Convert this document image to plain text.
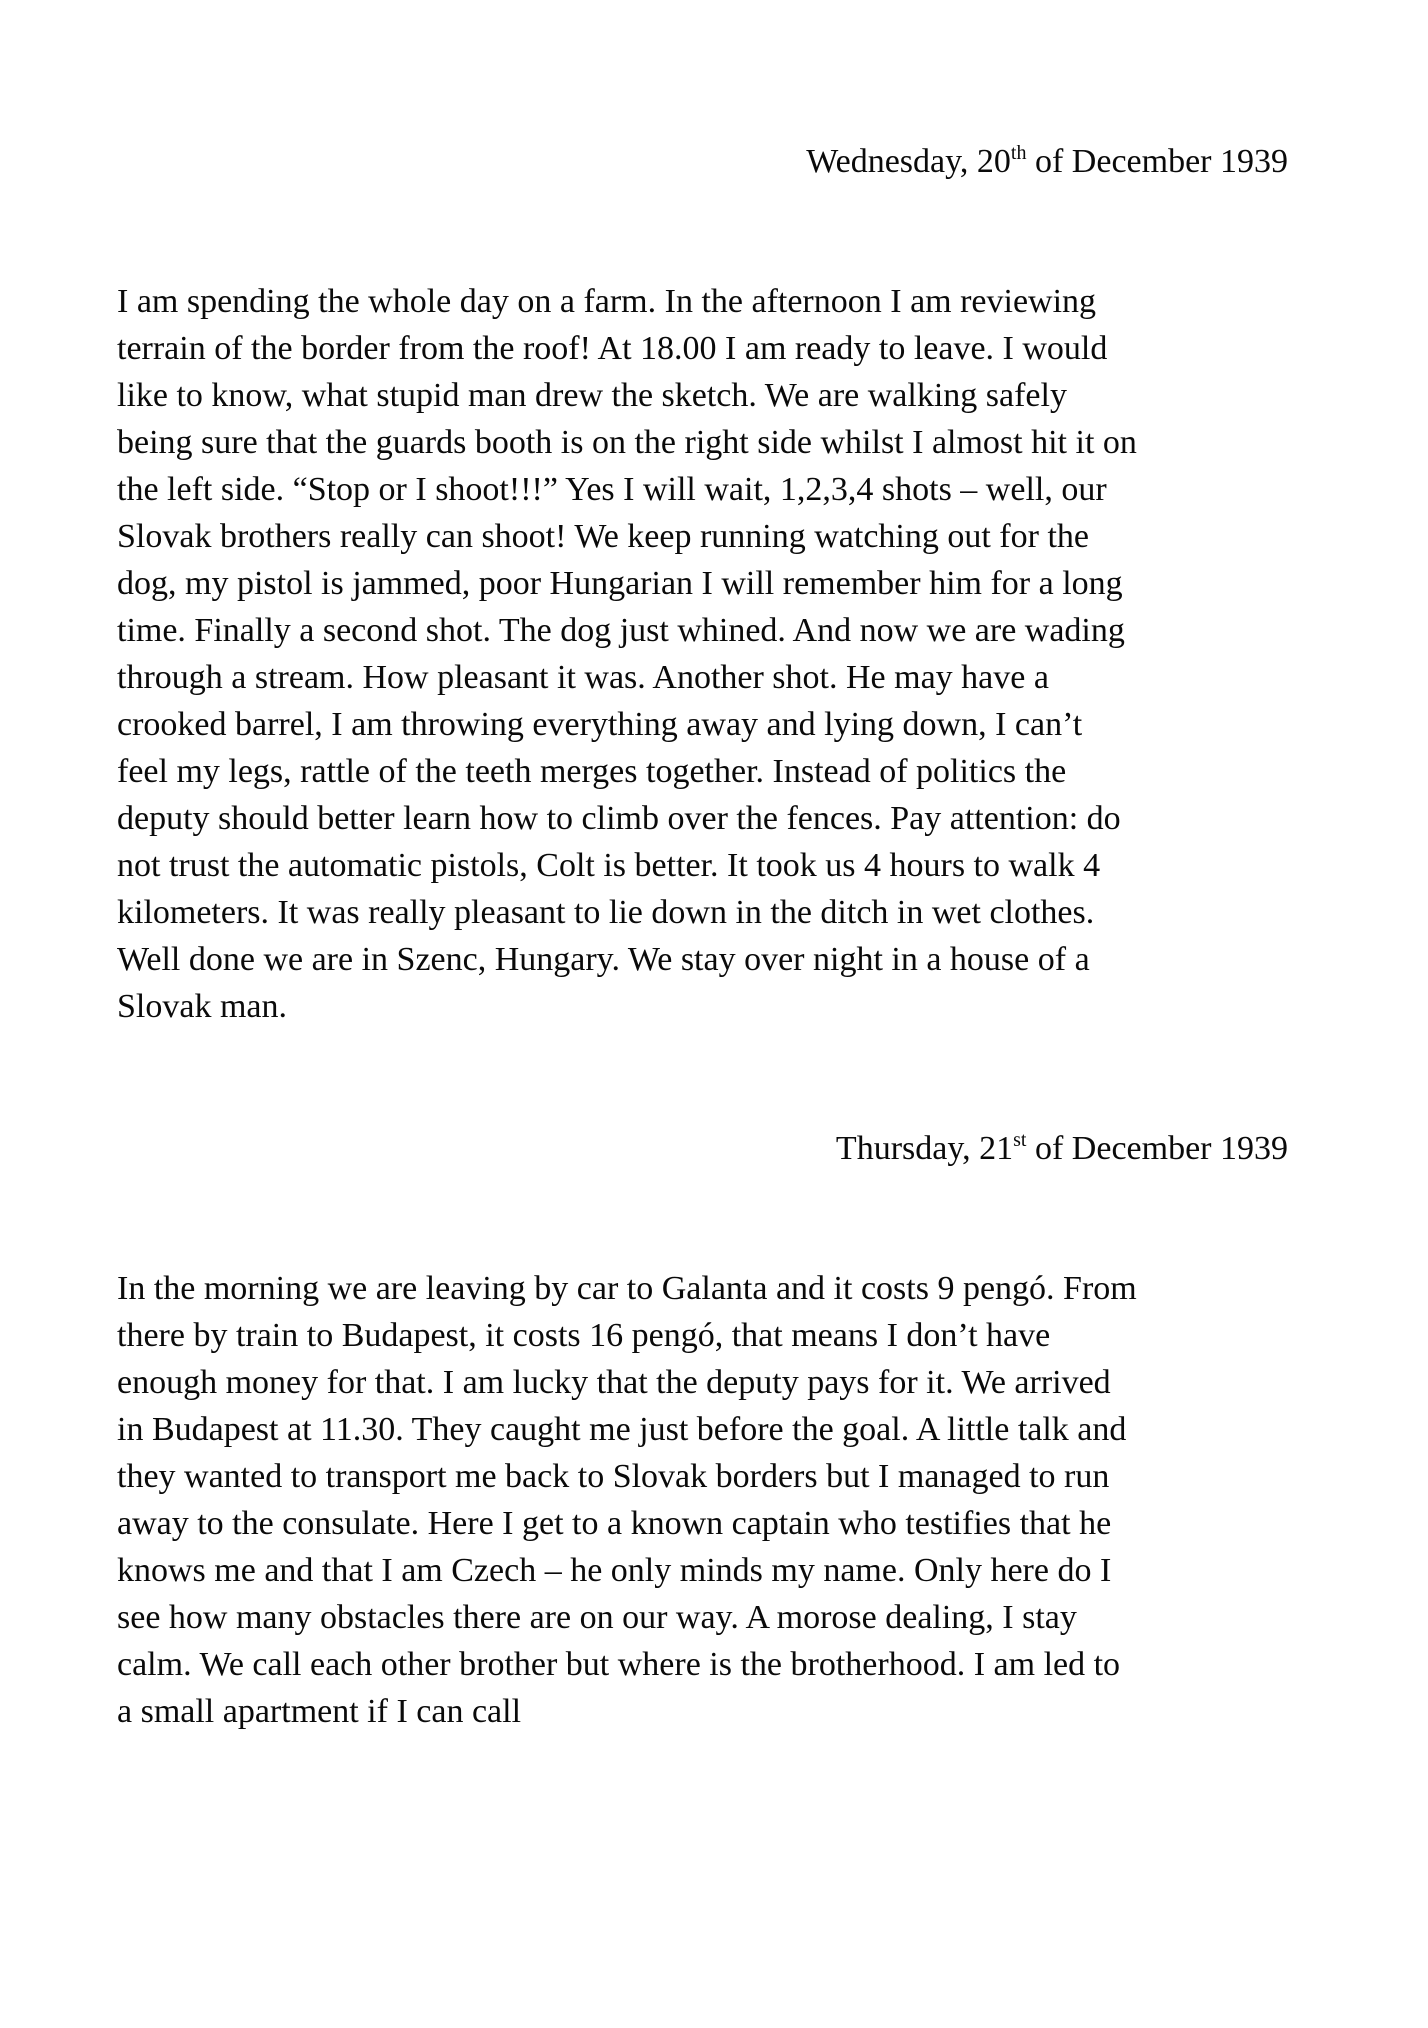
Wednesday, 20th of December 1939
I am spending the whole day on a farm. In the afternoon I am reviewing
terrain of the border from the roof! At 18.00 I am ready to leave. I would
like to know, what stupid man drew the sketch. We are walking safely
being sure that the guards booth is on the right side whilst I almost hit it on
the left side. “Stop or I shoot!!!” Yes I will wait, 1,2,3,4 shots – well, our
Slovak brothers really can shoot! We keep running watching out for the
dog, my pistol is jammed, poor Hungarian I will remember him for a long
time. Finally a second shot. The dog just whined. And now we are wading
through a stream. How pleasant it was. Another shot. He may have a
crooked barrel, I am throwing everything away and lying down, I can’t
feel my legs, rattle of the teeth merges together. Instead of politics the
deputy should better learn how to climb over the fences. Pay attention: do
not trust the automatic pistols, Colt is better. It took us 4 hours to walk 4
kilometers. It was really pleasant to lie down in the ditch in wet clothes.
Well done we are in Szenc, Hungary. We stay over night in a house of a
Slovak man.
Thursday, 21st of December 1939
In the morning we are leaving by car to Galanta and it costs 9 pengó. From
there by train to Budapest, it costs 16 pengó, that means I don’t have
enough money for that. I am lucky that the deputy pays for it. We arrived
in Budapest at 11.30. They caught me just before the goal. A little talk and
they wanted to transport me back to Slovak borders but I managed to run
away to the consulate. Here I get to a known captain who testifies that he
knows me and that I am Czech – he only minds my name. Only here do I
see how many obstacles there are on our way. A morose dealing, I stay
calm. We call each other brother but where is the brotherhood. I am led to
a small apartment if I can call
